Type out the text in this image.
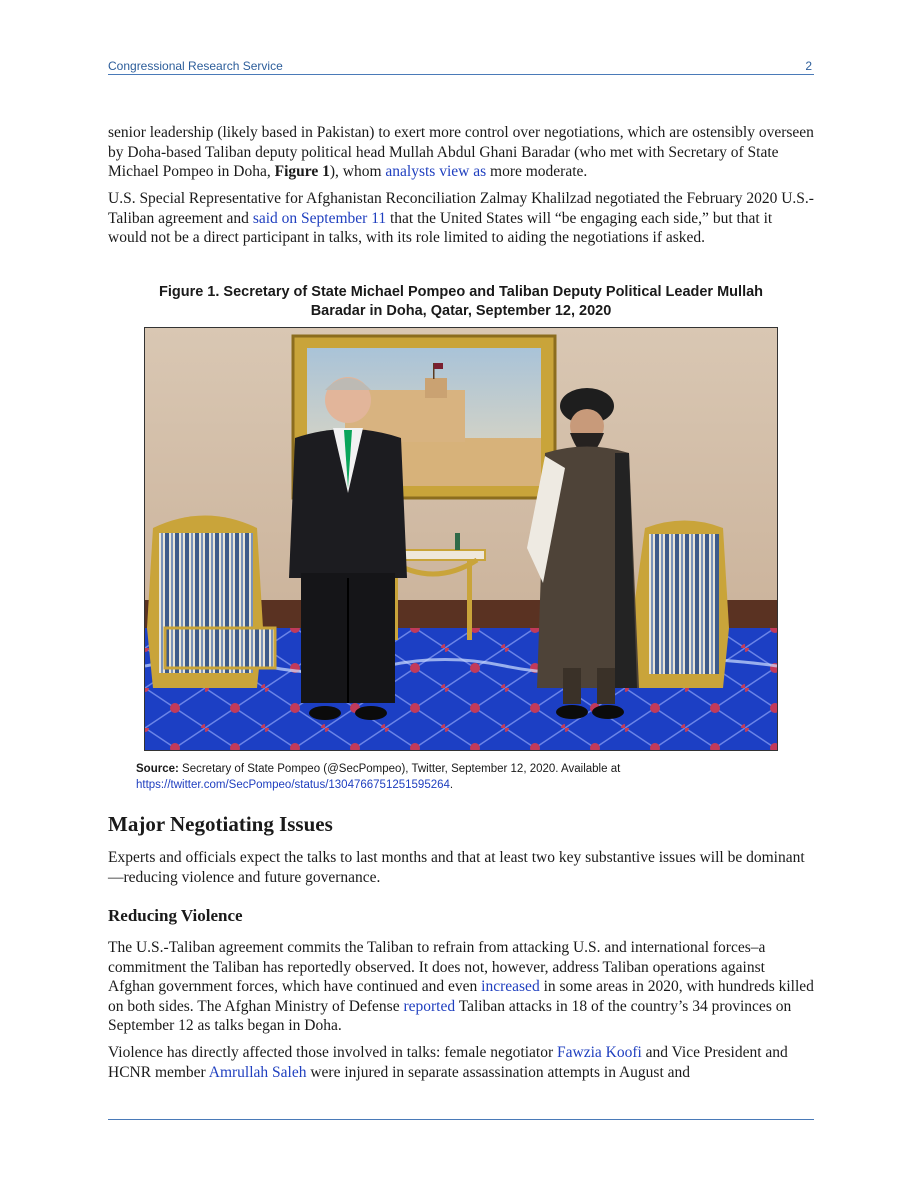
Congressional Research Service	2

senior leadership (likely based in Pakistan) to exert more control over negotiations, which are ostensibly overseen by Doha-based Taliban deputy political head Mullah Abdul Ghani Baradar (who met with Secretary of State Michael Pompeo in Doha, Figure 1), whom analysts view as more moderate.

U.S. Special Representative for Afghanistan Reconciliation Zalmay Khalilzad negotiated the February 2020 U.S.-Taliban agreement and said on September 11 that the United States will “be engaging each side,” but that it would not be a direct participant in talks, with its role limited to aiding the negotiations if asked.

Figure 1. Secretary of State Michael Pompeo and Taliban Deputy Political Leader Mullah
Baradar in Doha, Qatar, September 12, 2020
Source: Secretary of State Pompeo (@SecPompeo), Twitter, September 12, 2020. Available at
https://twitter.com/SecPompeo/status/1304766751251595264.
Major Negotiating Issues

Experts and officials expect the talks to last months and that at least two key substantive issues will be dominant—reducing violence and future governance.

Reducing Violence

The U.S.-Taliban agreement commits the Taliban to refrain from attacking U.S. and international forces–a commitment the Taliban has reportedly observed. It does not, however, address Taliban operations against Afghan government forces, which have continued and even increased in some areas in 2020, with hundreds killed on both sides. The Afghan Ministry of Defense reported Taliban attacks in 18 of the country’s 34 provinces on September 12 as talks began in Doha.

Violence has directly affected those involved in talks: female negotiator Fawzia Koofi and Vice President and HCNR member Amrullah Saleh were injured in separate assassination attempts in August and
